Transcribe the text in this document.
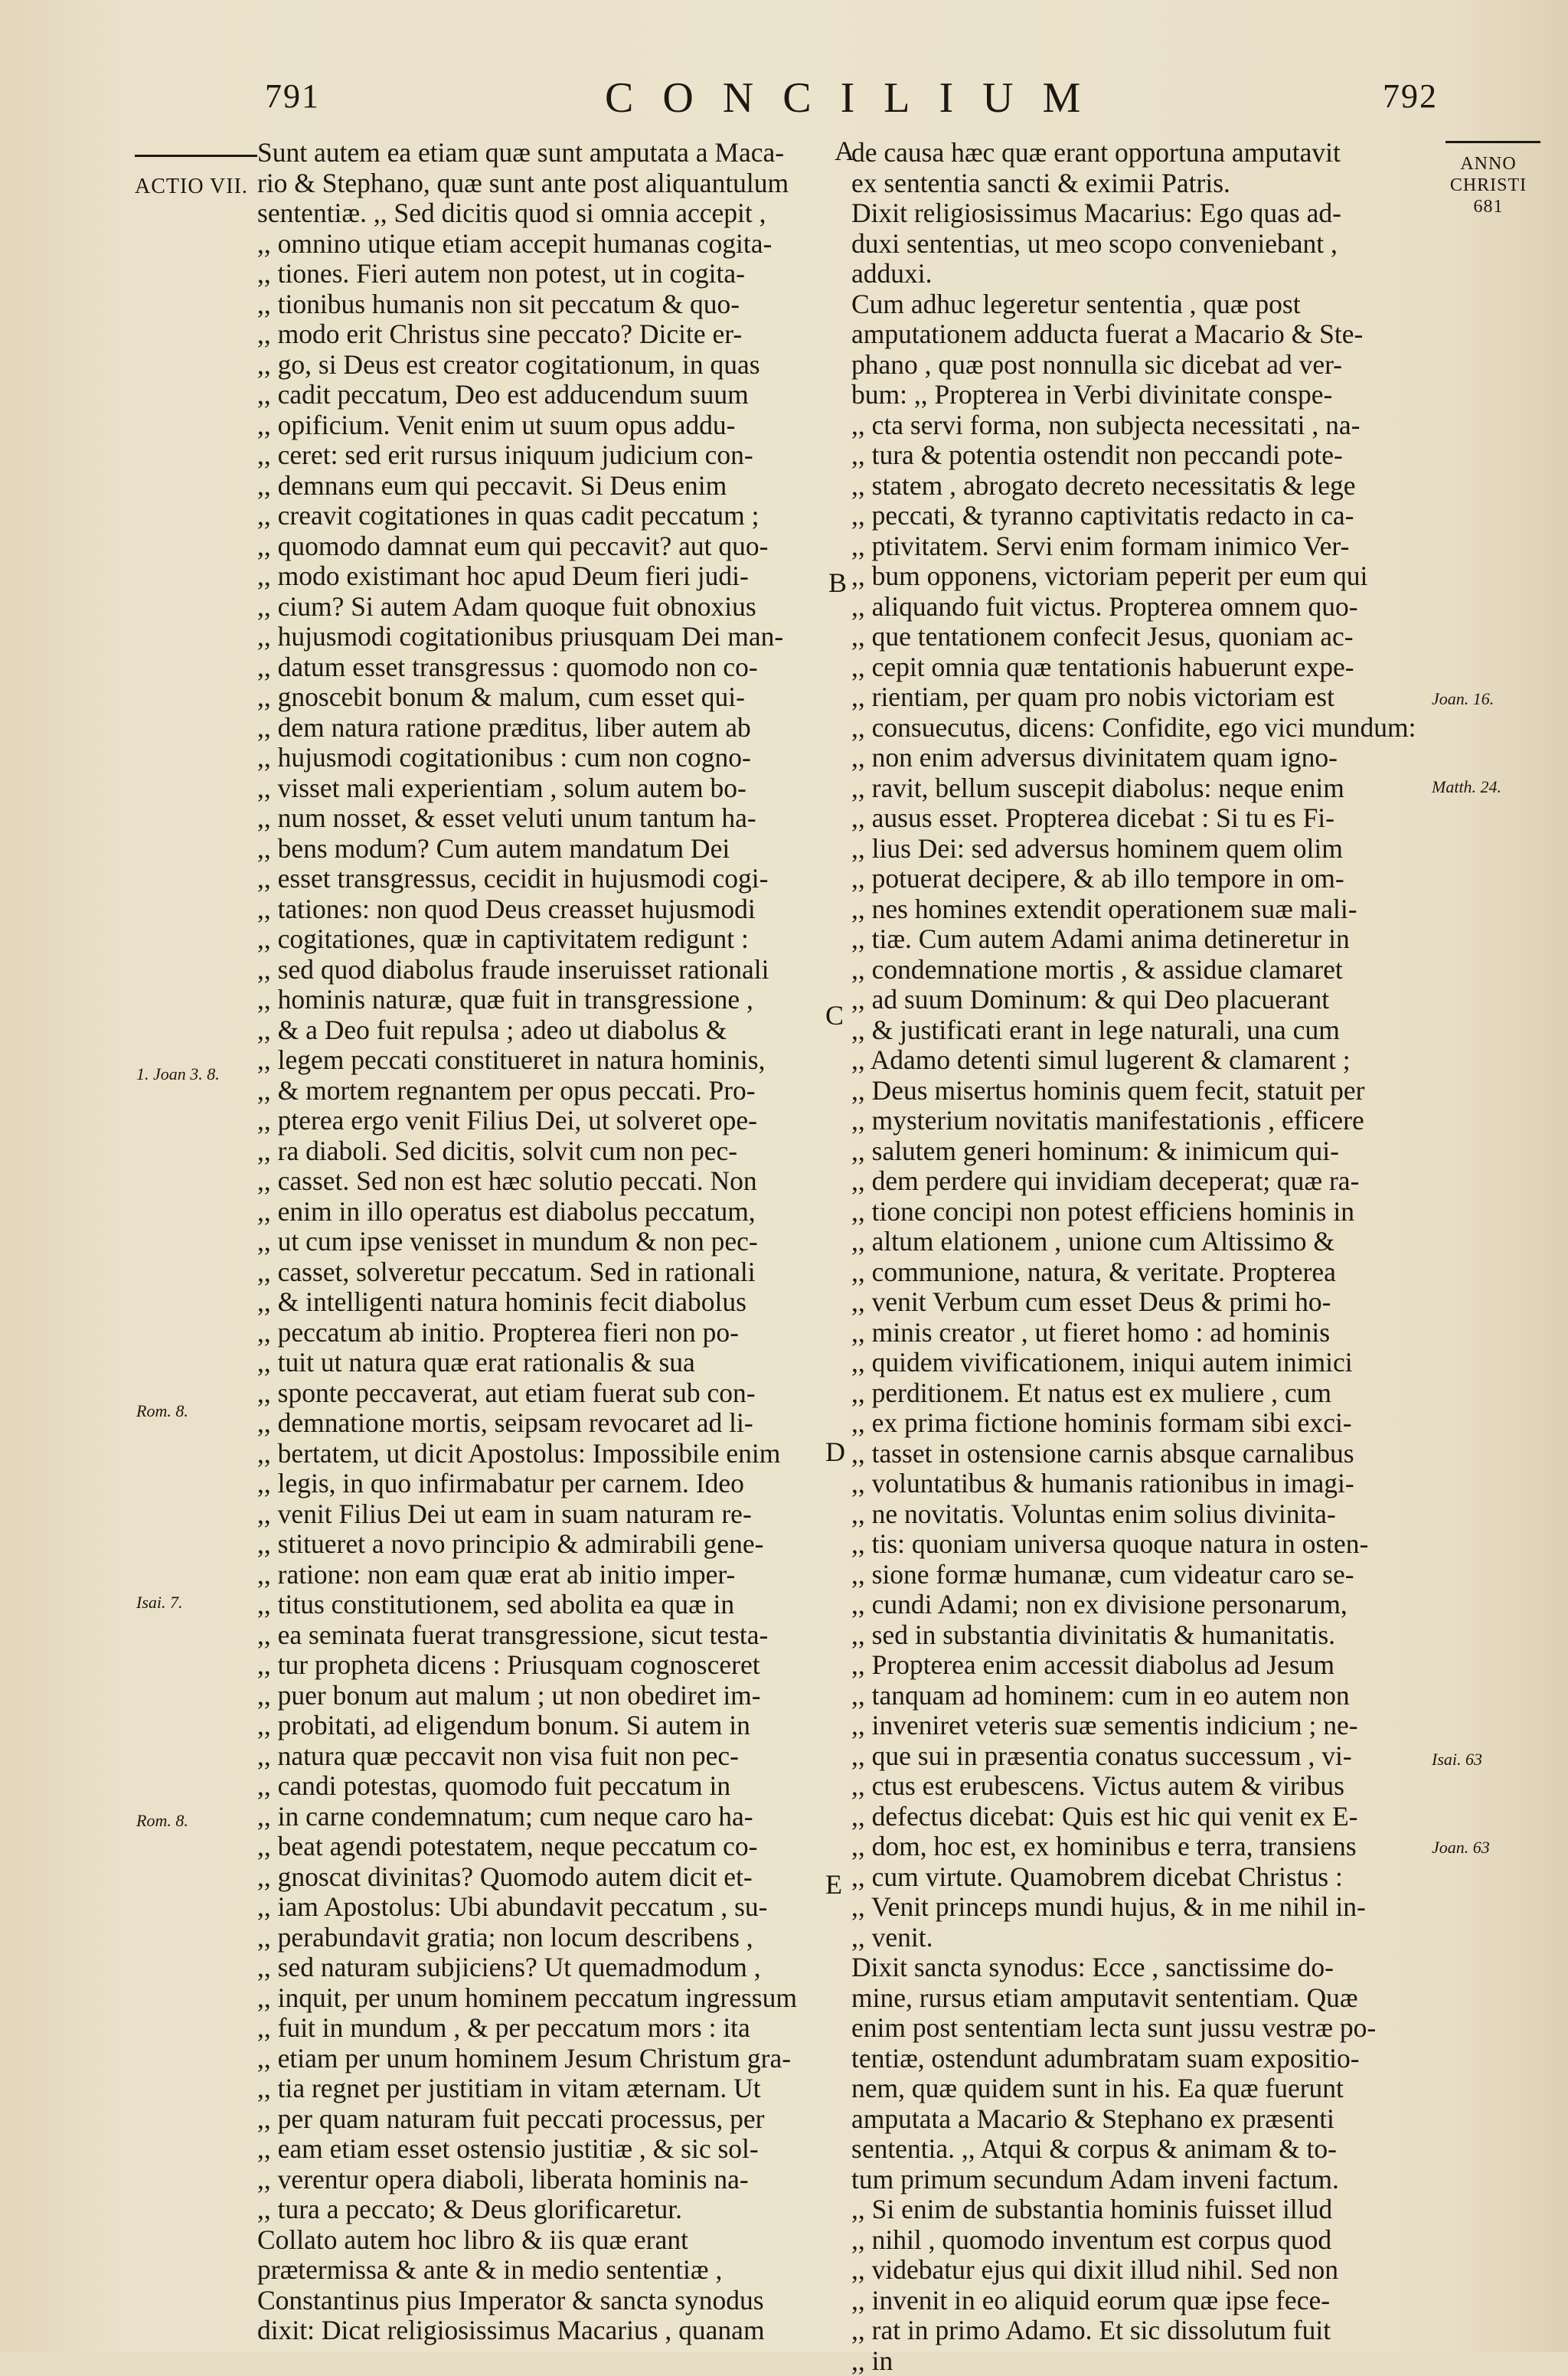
791	CONCILIUM	792
ACTIO VII.
ANNO
CHRISTI
681
1. Joan 3. 8.
Rom. 8.
Isai. 7.
Rom. 8.
Joan. 16.
Matth. 24.
Isai. 63
Joan. 63
A
B
C
D
E
Sunt autem ea etiam quæ sunt amputata a Maca-
rio & Stephano, quæ sunt ante post aliquantulum
sententiæ. ,, Sed dicitis quod si omnia accepit ,
,, omnino utique etiam accepit humanas cogita-
,, tiones. Fieri autem non potest, ut in cogita-
,, tionibus humanis non sit peccatum & quo-
,, modo erit Christus sine peccato? Dicite er-
,, go, si Deus est creator cogitationum, in quas
,, cadit peccatum, Deo est adducendum suum
,, opificium. Venit enim ut suum opus addu-
,, ceret: sed erit rursus iniquum judicium con-
,, demnans eum qui peccavit. Si Deus enim
,, creavit cogitationes in quas cadit peccatum ;
,, quomodo damnat eum qui peccavit? aut quo-
,, modo existimant hoc apud Deum fieri judi-
,, cium? Si autem Adam quoque fuit obnoxius
,, hujusmodi cogitationibus priusquam Dei man-
,, datum esset transgressus : quomodo non co-
,, gnoscebit bonum & malum, cum esset qui-
,, dem natura ratione præditus, liber autem ab
,, hujusmodi cogitationibus : cum non cogno-
,, visset mali experientiam , solum autem bo-
,, num nosset, & esset veluti unum tantum ha-
,, bens modum? Cum autem mandatum Dei
,, esset transgressus, cecidit in hujusmodi cogi-
,, tationes: non quod Deus creasset hujusmodi
,, cogitationes, quæ in captivitatem redigunt :
,, sed quod diabolus fraude inseruisset rationali
,, hominis naturæ, quæ fuit in transgressione ,
,, & a Deo fuit repulsa ; adeo ut diabolus &
,, legem peccati constitueret in natura hominis,
,, & mortem regnantem per opus peccati. Pro-
,, pterea ergo venit Filius Dei, ut solveret ope-
,, ra diaboli. Sed dicitis, solvit cum non pec-
,, casset. Sed non est hæc solutio peccati. Non
,, enim in illo operatus est diabolus peccatum,
,, ut cum ipse venisset in mundum & non pec-
,, casset, solveretur peccatum. Sed in rationali
,, & intelligenti natura hominis fecit diabolus
,, peccatum ab initio. Propterea fieri non po-
,, tuit ut natura quæ erat rationalis & sua
,, sponte peccaverat, aut etiam fuerat sub con-
,, demnatione mortis, seipsam revocaret ad li-
,, bertatem, ut dicit Apostolus: Impossibile enim
,, legis, in quo infirmabatur per carnem. Ideo
,, venit Filius Dei ut eam in suam naturam re-
,, stitueret a novo principio & admirabili gene-
,, ratione: non eam quæ erat ab initio imper-
,, titus constitutionem, sed abolita ea quæ in
,, ea seminata fuerat transgressione, sicut testa-
,, tur propheta dicens : Priusquam cognosceret
,, puer bonum aut malum ; ut non obediret im-
,, probitati, ad eligendum bonum. Si autem in
,, natura quæ peccavit non visa fuit non pec-
,, candi potestas, quomodo fuit peccatum in
,, in carne condemnatum; cum neque caro ha-
,, beat agendi potestatem, neque peccatum co-
,, gnoscat divinitas? Quomodo autem dicit et-
,, iam Apostolus: Ubi abundavit peccatum , su-
,, perabundavit gratia; non locum describens ,
,, sed naturam subjiciens? Ut quemadmodum ,
,, inquit, per unum hominem peccatum ingressum
,, fuit in mundum , & per peccatum mors : ita
,, etiam per unum hominem Jesum Christum gra-
,, tia regnet per justitiam in vitam æternam. Ut
,, per quam naturam fuit peccati processus, per
,, eam etiam esset ostensio justitiæ , & sic sol-
,, verentur opera diaboli, liberata hominis na-
,, tura a peccato; & Deus glorificaretur.
Collato autem hoc libro & iis quæ erant
prætermissa & ante & in medio sententiæ ,
Constantinus pius Imperator & sancta synodus
dixit: Dicat religiosissimus Macarius , quanam
de causa hæc quæ erant opportuna amputavit
ex sententia sancti & eximii Patris.
Dixit religiosissimus Macarius: Ego quas ad-
duxi sententias, ut meo scopo conveniebant ,
adduxi.
Cum adhuc legeretur sententia , quæ post
amputationem adducta fuerat a Macario & Ste-
phano , quæ post nonnulla sic dicebat ad ver-
bum: ,, Propterea in Verbi divinitate conspe-
,, cta servi forma, non subjecta necessitati , na-
,, tura & potentia ostendit non peccandi pote-
,, statem , abrogato decreto necessitatis & lege
,, peccati, & tyranno captivitatis redacto in ca-
,, ptivitatem. Servi enim formam inimico Ver-
,, bum opponens, victoriam peperit per eum qui
,, aliquando fuit victus. Propterea omnem quo-
,, que tentationem confecit Jesus, quoniam ac-
,, cepit omnia quæ tentationis habuerunt expe-
,, rientiam, per quam pro nobis victoriam est
,, consuecutus, dicens: Confidite, ego vici mundum:
,, non enim adversus divinitatem quam igno-
,, ravit, bellum suscepit diabolus: neque enim
,, ausus esset. Propterea dicebat : Si tu es Fi-
,, lius Dei: sed adversus hominem quem olim
,, potuerat decipere, & ab illo tempore in om-
,, nes homines extendit operationem suæ mali-
,, tiæ. Cum autem Adami anima detineretur in
,, condemnatione mortis , & assidue clamaret
,, ad suum Dominum: & qui Deo placuerant
,, & justificati erant in lege naturali, una cum
,, Adamo detenti simul lugerent & clamarent ;
,, Deus misertus hominis quem fecit, statuit per
,, mysterium novitatis manifestationis , efficere
,, salutem generi hominum: & inimicum qui-
,, dem perdere qui invidiam deceperat; quæ ra-
,, tione concipi non potest efficiens hominis in
,, altum elationem , unione cum Altissimo &
,, communione, natura, & veritate. Propterea
,, venit Verbum cum esset Deus & primi ho-
,, minis creator , ut fieret homo : ad hominis
,, quidem vivificationem, iniqui autem inimici
,, perditionem. Et natus est ex muliere , cum
,, ex prima fictione hominis formam sibi exci-
,, tasset in ostensione carnis absque carnalibus
,, voluntatibus & humanis rationibus in imagi-
,, ne novitatis. Voluntas enim solius divinita-
,, tis: quoniam universa quoque natura in osten-
,, sione formæ humanæ, cum videatur caro se-
,, cundi Adami; non ex divisione personarum,
,, sed in substantia divinitatis & humanitatis.
,, Propterea enim accessit diabolus ad Jesum
,, tanquam ad hominem: cum in eo autem non
,, inveniret veteris suæ sementis indicium ; ne-
,, que sui in præsentia conatus successum , vi-
,, ctus est erubescens. Victus autem & viribus
,, defectus dicebat: Quis est hic qui venit ex E-
,, dom, hoc est, ex hominibus e terra, transiens
,, cum virtute. Quamobrem dicebat Christus :
,, Venit princeps mundi hujus, & in me nihil in-
,, venit.
Dixit sancta synodus: Ecce , sanctissime do-
mine, rursus etiam amputavit sententiam. Quæ
enim post sententiam lecta sunt jussu vestræ po-
tentiæ, ostendunt adumbratam suam expositio-
nem, quæ quidem sunt in his. Ea quæ fuerunt
amputata a Macario & Stephano ex præsenti
sententia. ,, Atqui & corpus & animam & to-
tum primum secundum Adam inveni factum.
,, Si enim de substantia hominis fuisset illud
,, nihil , quomodo inventum est corpus quod
,, videbatur ejus qui dixit illud nihil. Sed non
,, invenit in eo aliquid eorum quæ ipse fece-
,, rat in primo Adamo. Et sic dissolutum fuit
,, in
